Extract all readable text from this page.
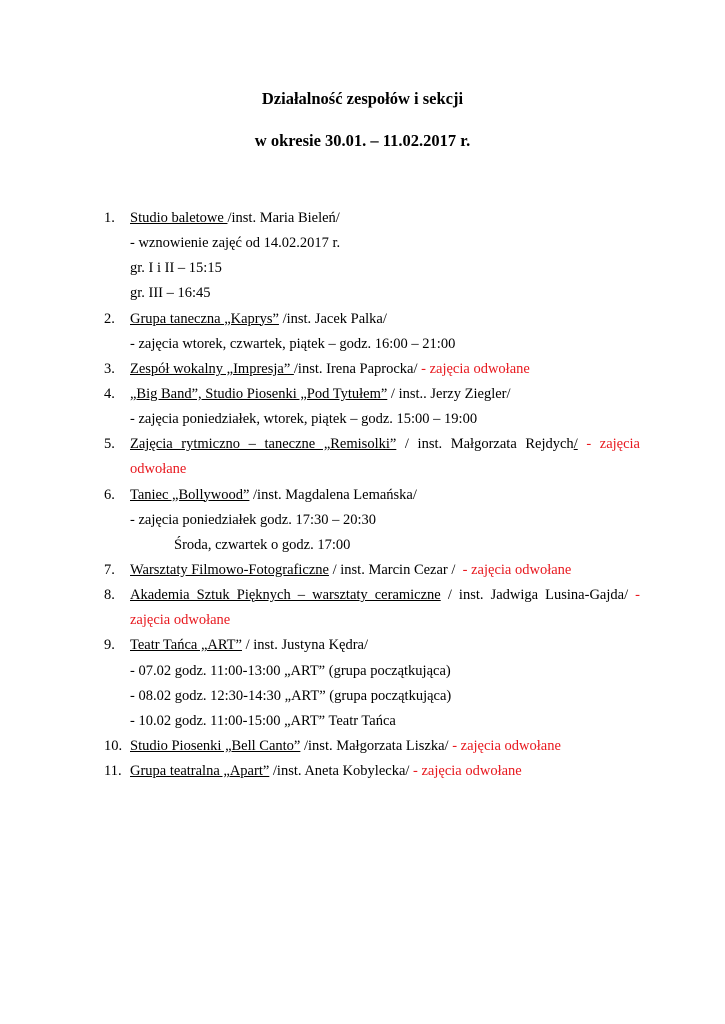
Działalność zespołów i sekcji
w okresie 30.01. – 11.02.2017 r.
1.	Studio baletowe /inst. Maria Bieleń/
- wznowienie zajęć od 14.02.2017 r.
gr. I i II – 15:15
gr. III – 16:45
2.	Grupa taneczna „Kaprys” /inst. Jacek Palka/
- zajęcia wtorek, czwartek, piątek – godz. 16:00 – 21:00
3.	Zespół wokalny „Impresja” /inst. Irena Paprocka/ - zajęcia odwołane
4.	„Big Band”, Studio Piosenki „Pod Tytułem” / inst.. Jerzy Ziegler/
- zajęcia poniedziałek, wtorek, piątek – godz. 15:00 – 19:00
5.	Zajęcia rytmiczno – taneczne „Remisolki” / inst. Małgorzata Rejdych/ - zajęcia
odwołane
6.	Taniec „Bollywood” /inst. Magdalena Lemańska/
- zajęcia poniedziałek godz. 17:30 – 20:30
Środa, czwartek o godz. 17:00
7.	Warsztaty Filmowo-Fotograficzne / inst. Marcin Cezar /  - zajęcia odwołane
8.	Akademia Sztuk Pięknych – warsztaty ceramiczne / inst. Jadwiga Lusina-Gajda/ -
zajęcia odwołane
9.	Teatr Tańca „ART” / inst. Justyna Kędra/
- 07.02 godz. 11:00-13:00 „ART” (grupa początkująca)
- 08.02 godz. 12:30-14:30 „ART” (grupa początkująca)
- 10.02 godz. 11:00-15:00 „ART” Teatr Tańca
10. Studio Piosenki „Bell Canto” /inst. Małgorzata Liszka/ - zajęcia odwołane
11. Grupa teatralna „Apart” /inst. Aneta Kobylecka/ - zajęcia odwołane
